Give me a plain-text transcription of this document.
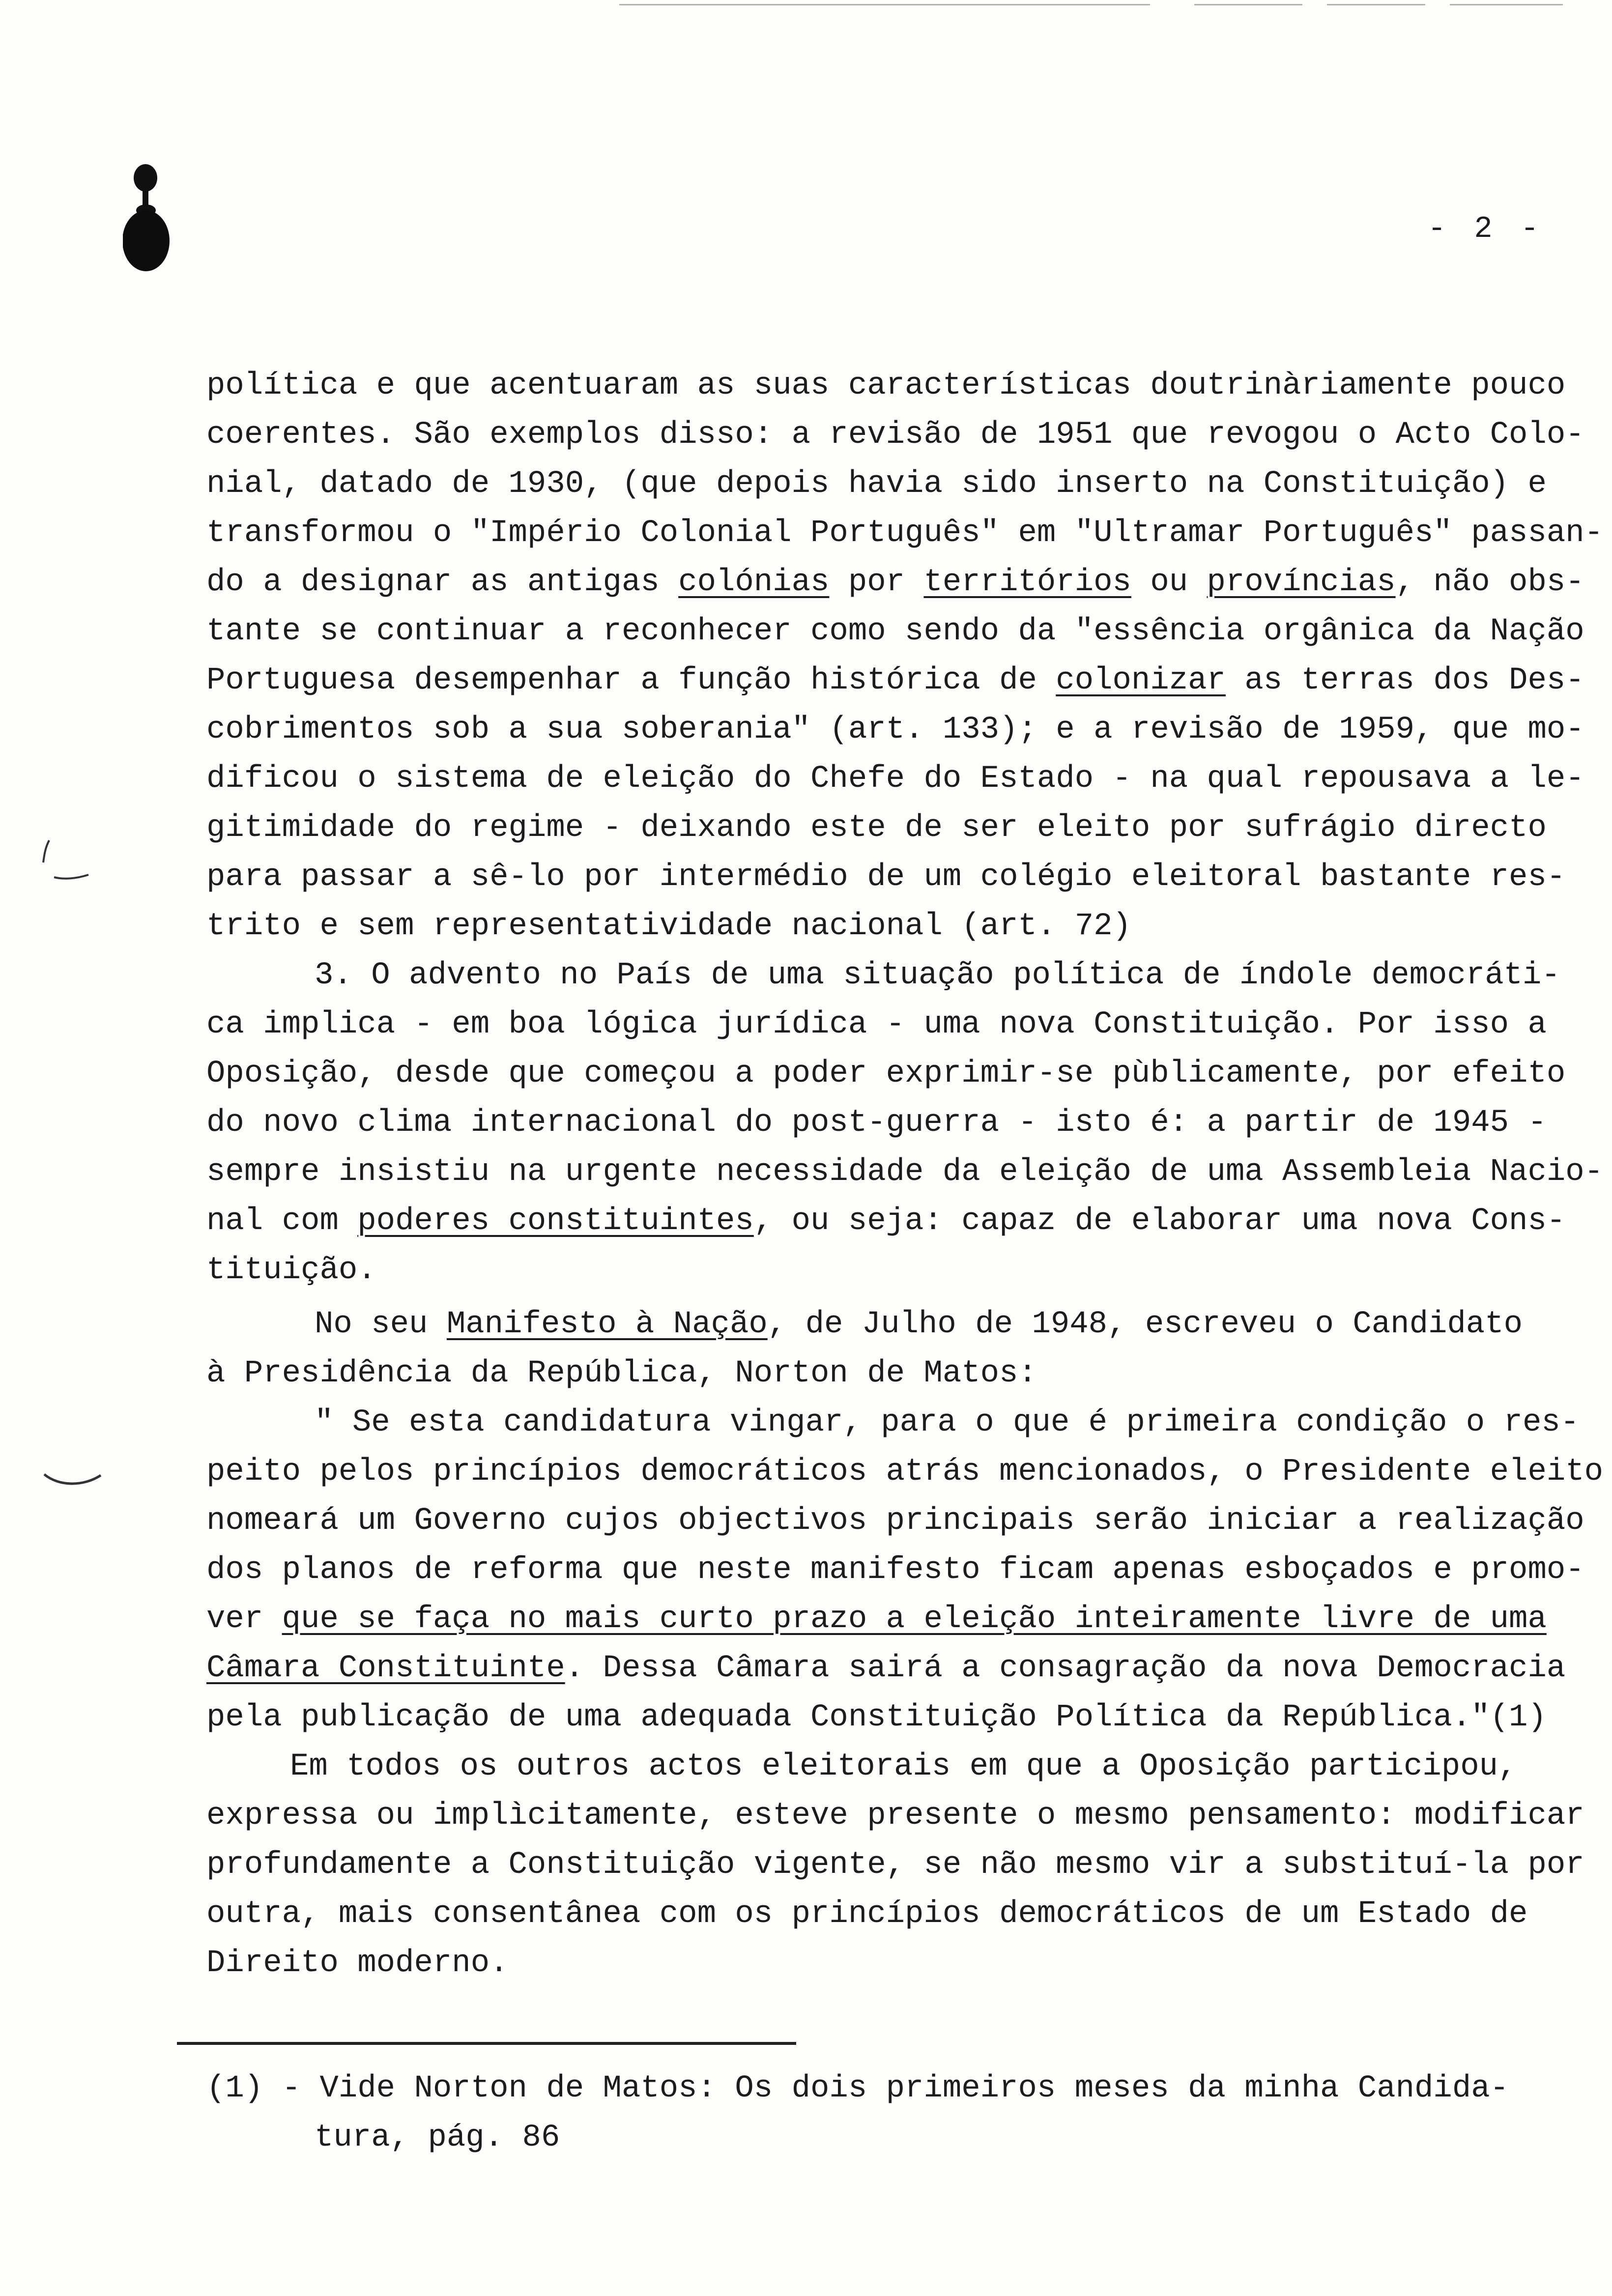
- 2 -
política e que acentuaram as suas características doutrinàriamente pouco
coerentes. São exemplos disso: a revisão de 1951 que revogou o Acto Colo-
nial, datado de 1930, (que depois havia sido inserto na Constituição) e
transformou o "Império Colonial Português" em "Ultramar Português" passan-
do a designar as antigas colónias por territórios ou províncias, não obs-
tante se continuar a reconhecer como sendo da "essência orgânica da Nação
Portuguesa desempenhar a função histórica de colonizar as terras dos Des-
cobrimentos sob a sua soberania" (art. 133); e a revisão de 1959, que mo-
dificou o sistema de eleição do Chefe do Estado - na qual repousava a le-
gitimidade do regime - deixando este de ser eleito por sufrágio directo
para passar a sê-lo por intermédio de um colégio eleitoral bastante res-
trito e sem representatividade nacional (art. 72)
3. O advento no País de uma situação política de índole democráti-
ca implica - em boa lógica jurídica - uma nova Constituição. Por isso a
Oposição, desde que começou a poder exprimir-se pùblicamente, por efeito
do novo clima internacional do post-guerra - isto é: a partir de 1945 -
sempre insistiu na urgente necessidade da eleição de uma Assembleia Nacio-
nal com poderes constituintes, ou seja: capaz de elaborar uma nova Cons-
tituição.
No seu Manifesto à Nação, de Julho de 1948, escreveu o Candidato
à Presidência da República, Norton de Matos:
" Se esta candidatura vingar, para o que é primeira condição o res-
peito pelos princípios democráticos atrás mencionados, o Presidente eleito
nomeará um Governo cujos objectivos principais serão iniciar a realização
dos planos de reforma que neste manifesto ficam apenas esboçados e promo-
ver que se faça no mais curto prazo a eleição inteiramente livre de uma
Câmara Constituinte. Dessa Câmara sairá a consagração da nova Democracia
pela publicação de uma adequada Constituição Política da República."(1)
Em todos os outros actos eleitorais em que a Oposição participou,
expressa ou implìcitamente, esteve presente o mesmo pensamento: modificar
profundamente a Constituição vigente, se não mesmo vir a substituí-la por
outra, mais consentânea com os princípios democráticos de um Estado de
Direito moderno.
(1) - Vide Norton de Matos: Os dois primeiros meses da minha Candida-
tura, pág. 86
